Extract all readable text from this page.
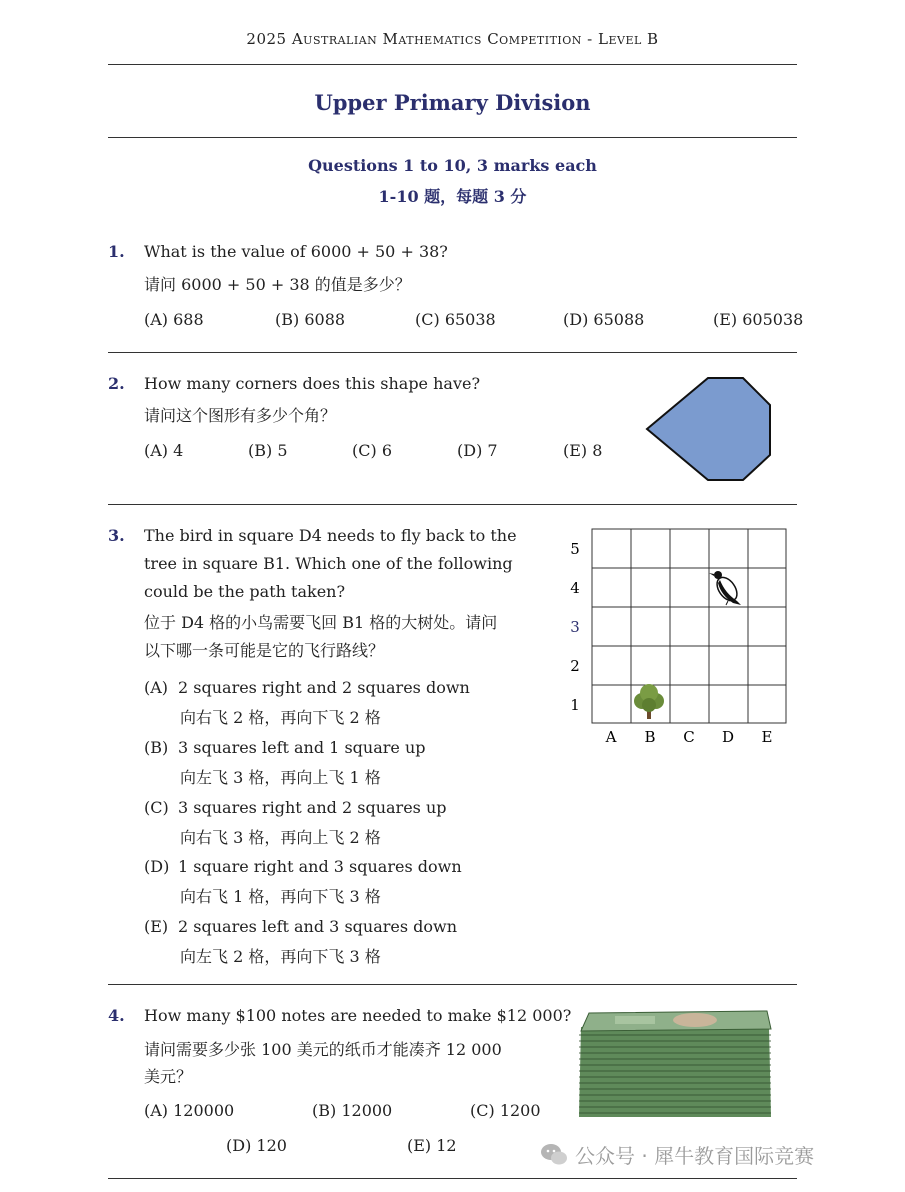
2025 Australian Mathematics Competition - Level B
Upper Primary Division
Questions 1 to 10, 3 marks each
1-10 题，每题 3 分
1. What is the value of 6000 + 50 + 38?
请问 6000 + 50 + 38 的值是多少？
(A) 688	(B) 6088	(C) 65038	(D) 65088	(E) 605038
2. How many corners does this shape have?
请问这个图形有多少个角？
(A) 4	(B) 5	(C) 6	(D) 7	(E) 8
3. The bird in square D4 needs to fly back to the
tree in square B1. Which one of the following
could be the path taken?
位于 D4 格的小鸟需要飞回 B1 格的大树处。请问
以下哪一条可能是它的飞行路线？
(A) 2 squares right and 2 squares down
向右飞 2 格，再向下飞 2 格
(B) 3 squares left and 1 square up
向左飞 3 格，再向上飞 1 格
(C) 3 squares right and 2 squares up
向右飞 3 格，再向上飞 2 格
(D) 1 square right and 3 squares down
向右飞 1 格，再向下飞 3 格
(E) 2 squares left and 3 squares down
向左飞 2 格，再向下飞 3 格
5
4
3
2
1
A B C D E
4. How many $100 notes are needed to make $12 000?
请问需要多少张 100 美元的纸币才能凑齐 12 000
美元？
(A) 120000	(B) 12000	(C) 1200
(D) 120	(E) 12	公众号 · 犀牛教育国际竞赛
